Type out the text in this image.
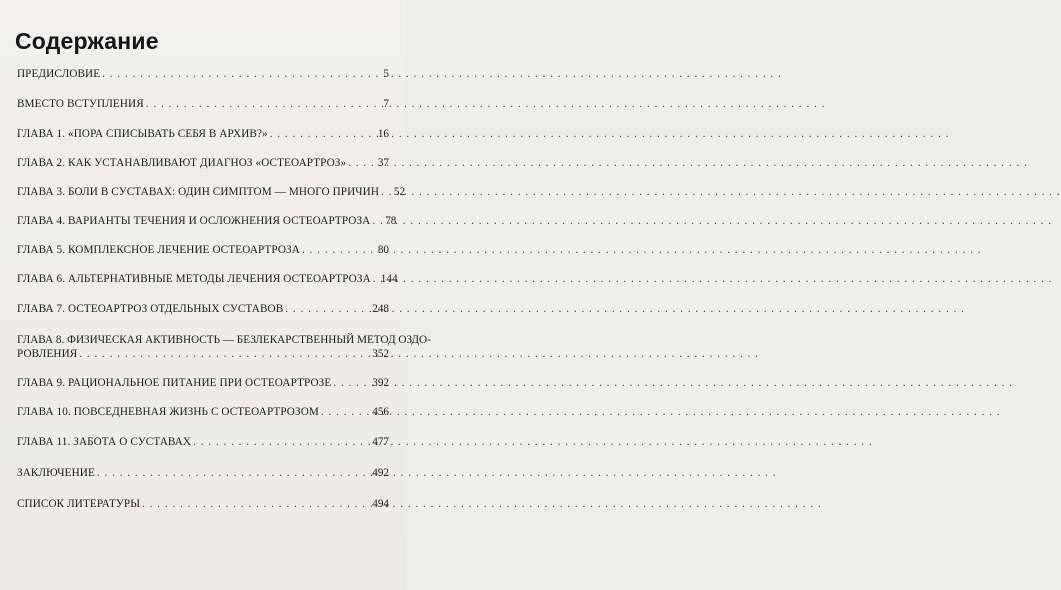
Содержание
ПРЕДИСЛОВИЕ . . .	5
ВМЕСТО ВСТУПЛЕНИЯ . . .	7
ГЛАВА 1. «ПОРА СПИСЫВАТЬ СЕБЯ В АРХИВ?» . . .	16
ГЛАВА 2. КАК УСТАНАВЛИВАЮТ ДИАГНОЗ «ОСТЕОАРТРОЗ» . . .	37
ГЛАВА 3. БОЛИ В СУСТАВАХ: ОДИН СИМПТОМ — МНОГО ПРИЧИН . . .	52
ГЛАВА 4. ВАРИАНТЫ ТЕЧЕНИЯ И ОСЛОЖНЕНИЯ ОСТЕОАРТРОЗА . . .	78
ГЛАВА 5. КОМПЛЕКСНОЕ ЛЕЧЕНИЕ ОСТЕОАРТРОЗА . . .	80
ГЛАВА 6. АЛЬТЕРНАТИВНЫЕ МЕТОДЫ ЛЕЧЕНИЯ ОСТЕОАРТРОЗА . . . 144
ГЛАВА 7. ОСТЕОАРТРОЗ ОТДЕЛЬНЫХ СУСТАВОВ . . .	248
ГЛАВА 8. ФИЗИЧЕСКАЯ АКТИВНОСТЬ — БЕЗЛЕКАРСТВЕННЫЙ МЕТОД ОЗДО-
РОВЛЕНИЯ . . .	352
ГЛАВА 9. РАЦИОНАЛЬНОЕ ПИТАНИЕ ПРИ ОСТЕОАРТРОЗЕ . . .	392
ГЛАВА 10. ПОВСЕДНЕВНАЯ ЖИЗНЬ С ОСТЕОАРТРОЗОМ . . .	456
ГЛАВА 11. ЗАБОТА О СУСТАВАХ . . .	477
ЗАКЛЮЧЕНИЕ . . .	492
СПИСОК ЛИТЕРАТУРЫ . . .	494
